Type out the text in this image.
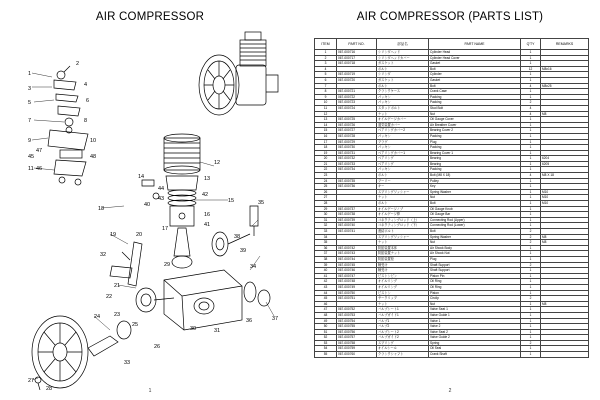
AIR COMPRESSOR
1
2
3
4
5	6
7	8
9	10
11
12
13
14
15
16
17
18
19	20
21
22
23
24
25
26
27
28
29
30	31
32
33
34
35
36	37
38
39
40
41
42
43
44
45
46
47
48
1
AIR COMPRESSOR (PARTS LIST)
ITEM	PART NO.	部品名	PART NAME	Q'TY	REMARKS
1	067-000716	シリンダヘッド	Cylinder Head	1	
2	067-000717	シリンダヘッドカバー	Cylinder Head Cover	1	
3	067-000718	ガスケット	Gasket	1	
4		ボルト	Bolt	12	M8x16
5	067-000719	シリンダ	Cylinder	1	
6	067-000720	ガスケット	Gasket	1	
7		ボルト	Bolt	4	M8x25
8	067-000721	クランクケース	Crank Case	1	
9	067-000722	パッキン	Packing	1	
10	067-000723	パッキン	Packing	2	
11	067-000724	スタッドボルト	Stud Bolt	4	
12		ナット	Nut	4	M8
13	067-000725	オイルゲージカバー	Oil Gauge Cover	1	
14	067-000726	通気装置カバー	Air Breather Cover	1	
15	067-000727	ベアリングカバー2	Bearing Cover 2	1	
16	067-000728	パッキン	Packing	1	
17	067-000729	プラグ	Plug	1	
18	067-000730	パッキン	Packing	1	
19	067-000731	ベアリングカバー1	Bearing Cover 1	1	
20	067-000732	ベアリング	Bearing	1	6204
21	067-000733	ベアリング	Bearing	1	6205
22	067-000734	パッキン	Packing	1	
23		ボルト	Bolt (M8 X 18)	4	M8 X 18
24	067-000735	プーリー	Pulley	1	
25	067-000736	キー	Key	1	
26		スプリングワッシャー	Spring Washer	1	M10
27		ナット	Nut	1	M10
28		ボルト	Bolt	1	M10
29	067-000737	オイルゲージノブ	Oil Gauge Knob	1	
30	067-000738	オイルゲージ棒	Oil Gauge Bar	1	
31	067-000739	コネクティングロッド（上）	Connecting Rod (Upper)	1	
32	067-000740	コネクティングロッド（下）	Connecting Rod (Lower)	1	
33	067-000741	連結ボルト	Bolt	2	
34		スプリングワッシャー	Spring Washer	2	M8
35		ナット	Nut	2	M8
36	067-000742	防振装置本体	Air Shock Body	1	
37	067-000743	防振装置ナット	Air Shock Nut	1	
38	067-000744	防振装置栓	Plug	1	
39	067-000745	軸受け	Shaft Support	2	
40	067-000746	軸受け	Shaft Support	1	
41	067-000747	ピストンピン	Piston Pin	1	
42	067-000748	オイルリング	Oil Ring	1	
43	067-000749	オイルリング	Oil Ring	1	
44	067-000750	ピストン	Piston	1	
45	067-000751	サークリップ	Circlip	2	
46		ナット	Nut	1	M8
47	067-000752	バルブシート1	Valve Seat 1	1	
48	067-000753	バルブガイド1	Valve Guide 1	1	
49	067-000754	バルブ1	Valve 1	1	
50	067-000755	バルブ2	Valve 2	1	
51	067-000756	バルブシート2	Valve Seat 2	1	
52	067-000757	バルブガイド2	Valve Guide 2	1	
53	067-000758	スプリング	Spring	2	
54	067-000759	オイルシール	Oil Seal	1	
55	067-000760	クランクシャフト	Crank Shaft	1	
2
